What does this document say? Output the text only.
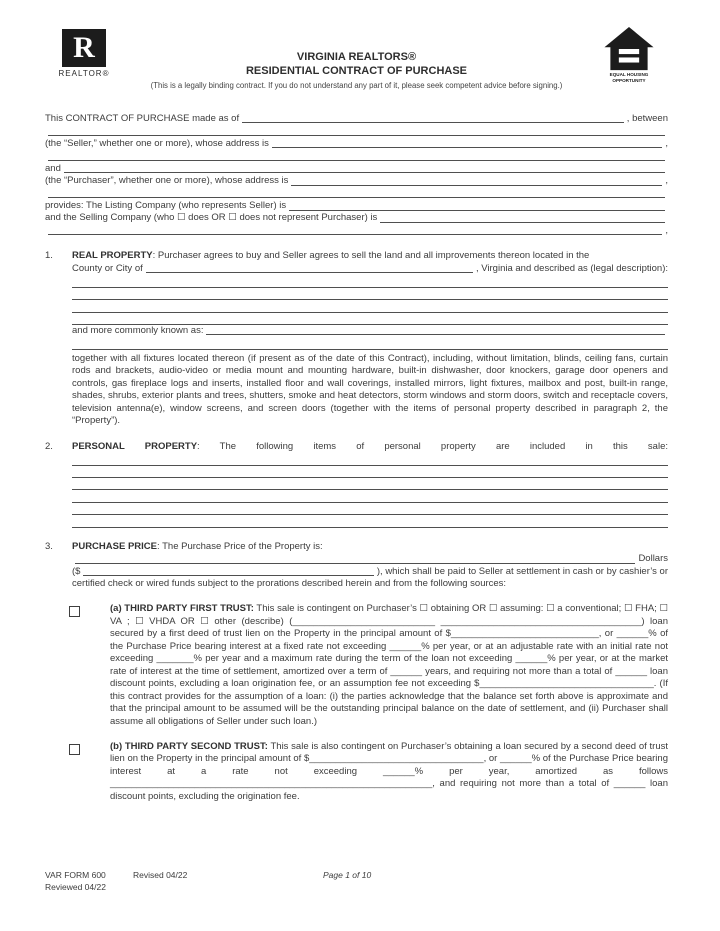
R
REALTOR®
VIRGINIA REALTORS®
RESIDENTIAL CONTRACT OF PURCHASE
(This is a legally binding contract. If you do not understand any part of it, please seek competent advice before signing.)
EQUAL HOUSING
OPPORTUNITY
This CONTRACT OF PURCHASE made as of	, between
(the “Seller,” whether one or more), whose address is	,
and
(the “Purchaser”, whether one or more), whose address is	,
provides: The Listing Company (who represents Seller) is
and the Selling Company (who ☐ does OR ☐ does not represent Purchaser) is
,
1.	REAL PROPERTY: Purchaser agrees to buy and Seller agrees to sell the land and all improvements thereon located in the
County or City of	, Virginia and described as (legal description):
and more commonly known as:
together with all fixtures located thereon (if present as of the date of this Contract), including, without limitation, blinds, ceiling fans, curtain rods and brackets, audio-video or media mount and mounting hardware, built-in dishwasher, door knockers, garage door openers and controls, gas fireplace logs and inserts, installed floor and wall coverings, installed mirrors, light fixtures, mailbox and post, built-in range, shades, shrubs, exterior plants and trees, shutters, smoke and heat detectors, storm windows and storm doors, switch and receptacle covers, television antenna(e), window screens, and screen doors (together with the items of personal property described in paragraph 2, the “Property”).
2.	PERSONAL PROPERTY: The following items of personal property are included in this sale:
3.	PURCHASE PRICE: The Purchase Price of the Property is:
Dollars
($	), which shall be paid to Seller at settlement in cash or by cashier’s or
certified check or wired funds subject to the prorations described herein and from the following sources:
(a) THIRD PARTY FIRST TRUST: This sale is contingent on Purchaser’s ☐ obtaining OR ☐ assuming: ☐ a conventional; ☐ FHA; ☐ VA ; ☐ VHDA OR ☐ other (describe) (___________________________ ______________________________________) loan secured by a first deed of trust lien on the Property in the principal amount of $____________________________, or ______% of the Purchase Price bearing interest at a fixed rate not exceeding ______% per year, or at an adjustable rate with an initial rate not exceeding _______% per year and a maximum rate during the term of the loan not exceeding ______% per year, or at the market rate of interest at the time of settlement, amortized over a term of ______ years, and requiring not more than a total of ______ loan discount points, excluding a loan origination fee, or an assumption fee not exceeding $_________________________________. (If this contract provides for the assumption of a loan: (i) the parties acknowledge that the balance set forth above is approximate and that the principal amount to be assumed will be the outstanding principal balance on the date of settlement, and (ii) Purchaser shall assume all obligations of Seller under such loan.)
(b) THIRD PARTY SECOND TRUST: This sale is also contingent on Purchaser’s obtaining a loan secured by a second deed of trust lien on the Property in the principal amount of $_________________________________, or ______% of the Purchase Price bearing interest at a rate not exceeding ______% per year, amortized as follows _____________________________________________________________, and requiring not more than a total of ______ loan discount points, excluding the origination fee.
VAR FORM 600	Revised 04/22
Reviewed 04/22
Page 1 of 10
